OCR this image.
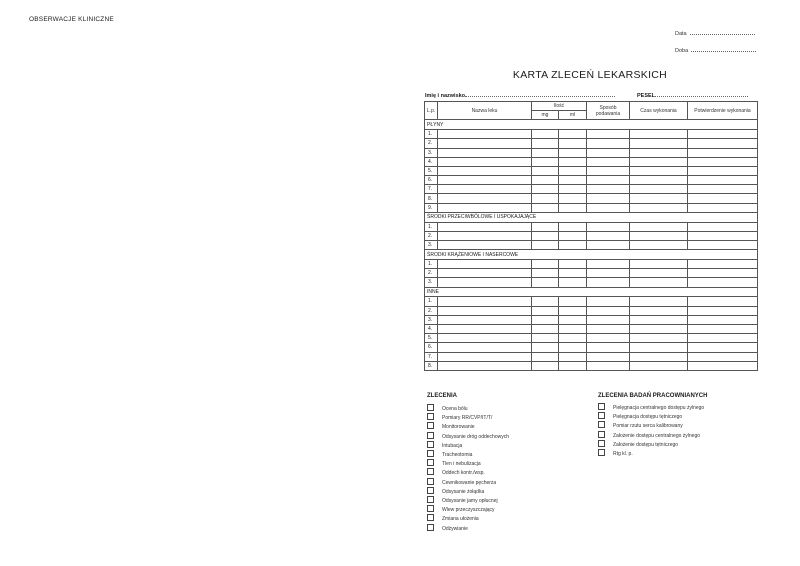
OBSERWACJE KLINICZNE
Data
Doba
KARTA ZLECEŃ LEKARSKICH
Imię i nazwisko	PESEL
L.p.	Nazwa leku	Ilość		Sposób podawania	Czas wykonania	Potwierdzenie wykonania
		mg	ml			
PŁYNY						
1.						
2.						
3.						
4.						
5.						
6.						
7.						
8.						
9.						
ŚRODKI PRZECIWBÓLOWE I USPOKAJAJĄCE						
1.						
2.						
3.						
ŚRODKI KRĄŻENIOWE I NASERCOWE						
1.						
2.						
3.						
INNE						
1.						
2.						
3.						
4.						
5.						
6.						
7.						
8.						
ZLECENIA
Ocena bólu
Pomiary RR/CVP/IT/T/
Monitorowanie
Odsysanie dróg oddechowych
Intubacja
Tracheotomia
Tlen i nebulizacja
Oddech kontr./wsp.
Cewnikowanie pęcherza
Odsysanie żołądka
Odsysanie jamy opłucnej
Wlew przeczyszczający
Zmiana ułożenia
Odżywianie
ZLECENIA BADAŃ PRACOWNIANYCH
Pielęgnacja centralnego dostępu żylnego
Pielęgnacja dostępu tętniczego
Pomiar rzutu serca kalibrowany
Założenie dostępu centralnego żylnego
Założenie dostępu tętniczego
Rtg kl. p.
